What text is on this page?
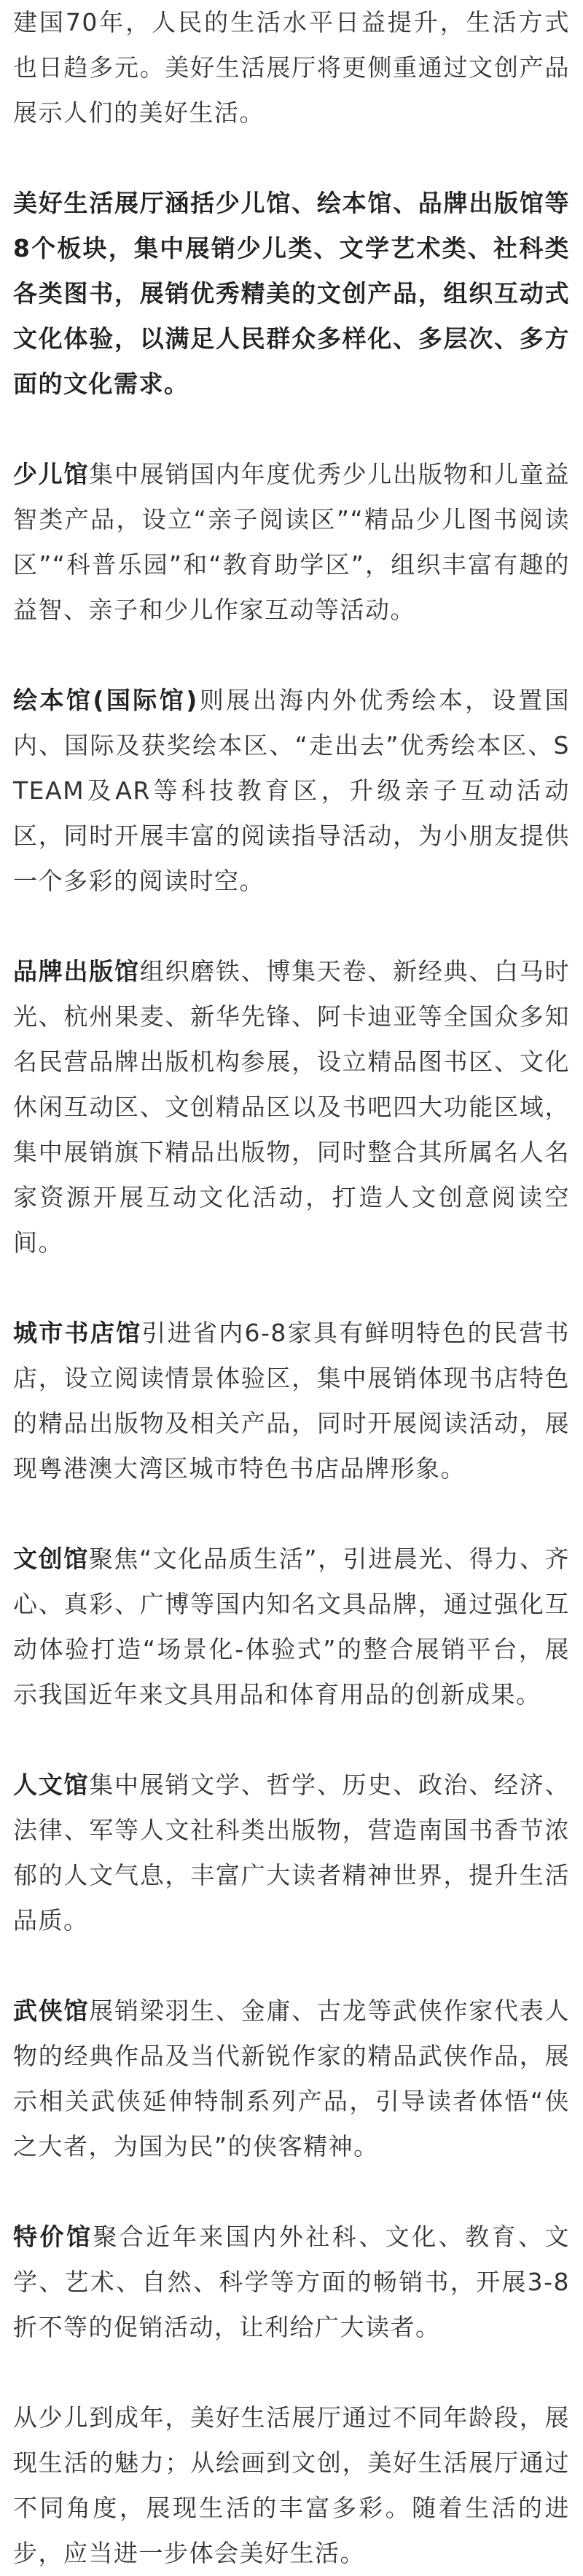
建国70年，人民的生活水平日益提升，生活方式也日趋多元。美好生活展厅将更侧重通过文创产品展示人们的美好生活。

美好生活展厅涵括少儿馆、绘本馆、品牌出版馆等8个板块，集中展销少儿类、文学艺术类、社科类各类图书，展销优秀精美的文创产品，组织互动式文化体验，以满足人民群众多样化、多层次、多方面的文化需求。

少儿馆集中展销国内年度优秀少儿出版物和儿童益智类产品，设立“亲子阅读区”“精品少儿图书阅读区”“科普乐园”和“教育助学区”，组织丰富有趣的益智、亲子和少儿作家互动等活动。

绘本馆(国际馆)则展出海内外优秀绘本，设置国内、国际及获奖绘本区、“走出去”优秀绘本区、STEAM及AR等科技教育区，升级亲子互动活动区，同时开展丰富的阅读指导活动，为小朋友提供一个多彩的阅读时空。

品牌出版馆组织磨铁、博集天卷、新经典、白马时光、杭州果麦、新华先锋、阿卡迪亚等全国众多知名民营品牌出版机构参展，设立精品图书区、文化休闲互动区、文创精品区以及书吧四大功能区域，集中展销旗下精品出版物，同时整合其所属名人名家资源开展互动文化活动，打造人文创意阅读空间。

城市书店馆引进省内6-8家具有鲜明特色的民营书店，设立阅读情景体验区，集中展销体现书店特色的精品出版物及相关产品，同时开展阅读活动，展现粤港澳大湾区城市特色书店品牌形象。

文创馆聚焦“文化品质生活”，引进晨光、得力、齐心、真彩、广博等国内知名文具品牌，通过强化互动体验打造“场景化-体验式”的整合展销平台，展示我国近年来文具用品和体育用品的创新成果。

人文馆集中展销文学、哲学、历史、政治、经济、法律、军等人文社科类出版物，营造南国书香节浓郁的人文气息，丰富广大读者精神世界，提升生活品质。

武侠馆展销梁羽生、金庸、古龙等武侠作家代表人物的经典作品及当代新锐作家的精品武侠作品，展示相关武侠延伸特制系列产品，引导读者体悟“侠之大者，为国为民”的侠客精神。

特价馆聚合近年来国内外社科、文化、教育、文学、艺术、自然、科学等方面的畅销书，开展3-8折不等的促销活动，让利给广大读者。

从少儿到成年，美好生活展厅通过不同年龄段，展现生活的魅力；从绘画到文创，美好生活展厅通过不同角度，展现生活的丰富多彩。随着生活的进步，应当进一步体会美好生活。
